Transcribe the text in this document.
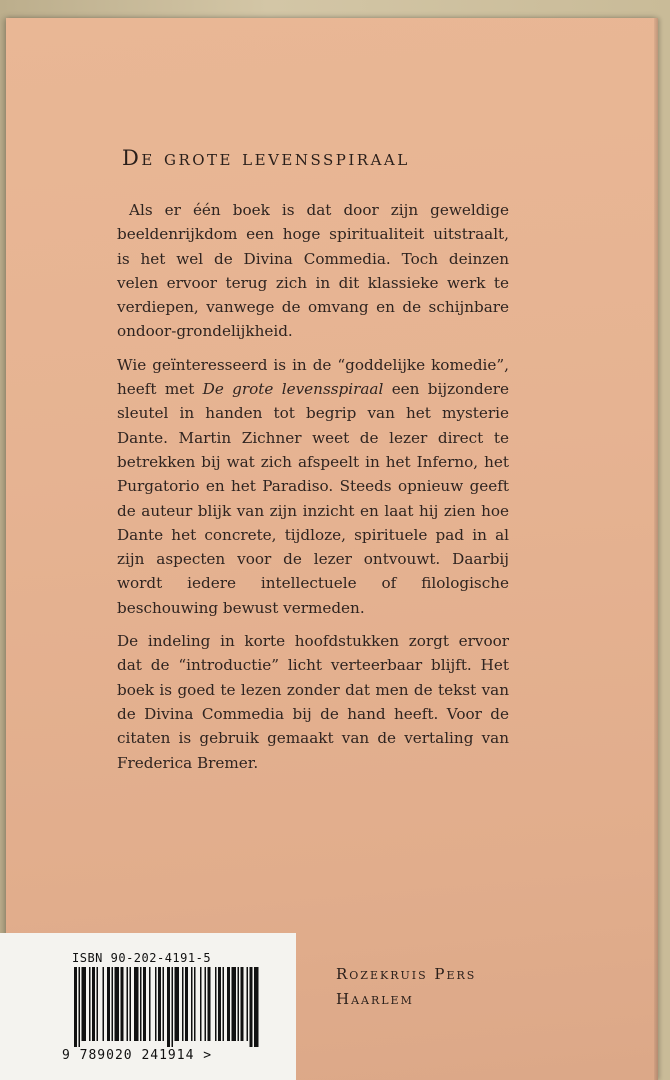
De grote levensspiraal

Als er één boek is dat door zijn geweldige beeldenrijkdom een hoge spiritualiteit uitstraalt, is het wel de Divina Commedia. Toch deinzen velen ervoor terug zich in dit klassieke werk te verdiepen, vanwege de omvang en de schijnbare ondoor-grondelijkheid.

Wie geïnteresseerd is in de “goddelijke komedie”, heeft met De grote levensspiraal een bijzondere sleutel in handen tot begrip van het mysterie Dante. Martin Zichner weet de lezer direct te betrekken bij wat zich afspeelt in het Inferno, het Purgatorio en het Paradiso. Steeds opnieuw geeft de auteur blijk van zijn inzicht en laat hij zien hoe Dante het concrete, tijdloze, spirituele pad in al zijn aspecten voor de lezer ontvouwt. Daarbij wordt iedere intellectuele of filologische beschouwing bewust vermeden.

De indeling in korte hoofdstukken zorgt ervoor dat de “introductie” licht verteerbaar blijft. Het boek is goed te lezen zonder dat men de tekst van de Divina Commedia bij de hand heeft. Voor de citaten is gebruik gemaakt van de vertaling van Frederica Bremer.

Rozekruis Pers
Haarlem
ISBN 90-202-4191-5
9 789020 241914 >
